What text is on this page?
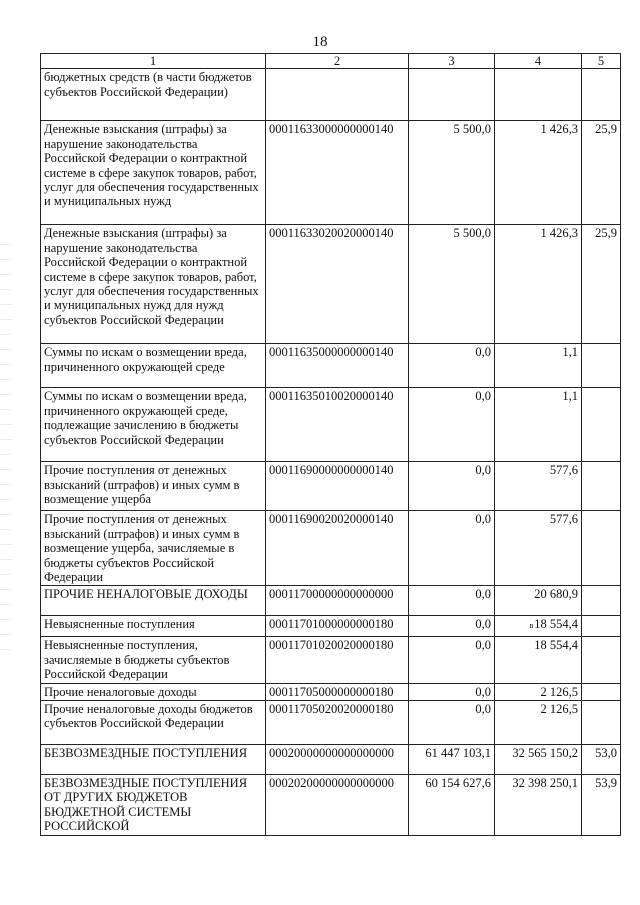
18
1	2	3	4	5
бюджетных средств (в части бюджетов субъектов Российской Федерации)				
Денежные взыскания (штрафы) за нарушение законодательства Российской Федерации о контрактной системе в сфере закупок товаров, работ, услуг для обеспечения государственных и муниципальных нужд	00011633000000000140	5 500,0	1 426,3	25,9
Денежные взыскания (штрафы) за нарушение законодательства Российской Федерации о контрактной системе в сфере закупок товаров, работ, услуг для обеспечения государственных и муниципальных нужд для нужд субъектов Российской Федерации	00011633020020000140	5 500,0	1 426,3	25,9
Суммы по искам о возмещении вреда, причиненного окружающей среде	00011635000000000140	0,0	1,1	
Суммы по искам о возмещении вреда, причиненного окружающей среде, подлежащие зачислению в бюджеты субъектов Российской Федерации	00011635010020000140	0,0	1,1	
Прочие поступления от денежных взысканий (штрафов) и иных сумм в возмещение ущерба	00011690000000000140	0,0	577,6	
Прочие поступления от денежных взысканий (штрафов) и иных сумм в возмещение ущерба, зачисляемые в бюджеты субъектов Российской Федерации	00011690020020000140	0,0	577,6	
ПРОЧИЕ НЕНАЛОГОВЫЕ ДОХОДЫ	00011700000000000000	0,0	20 680,9	
Невыясненные поступления	00011701000000000180	0,0	в18 554,4	
Невыясненные поступления, зачисляемые в бюджеты субъектов Российской Федерации	00011701020020000180	0,0	18 554,4	
Прочие неналоговые доходы	00011705000000000180	0,0	2 126,5	
Прочие неналоговые доходы бюджетов субъектов Российской Федерации	00011705020020000180	0,0	2 126,5	
БЕЗВОЗМЕЗДНЫЕ ПОСТУПЛЕНИЯ	00020000000000000000	61 447 103,1	32 565 150,2	53,0
БЕЗВОЗМЕЗДНЫЕ ПОСТУПЛЕНИЯ ОТ ДРУГИХ БЮДЖЕТОВ БЮДЖЕТНОЙ СИСТЕМЫ РОССИЙСКОЙ	00020200000000000000	60 154 627,6	32 398 250,1	53,9
